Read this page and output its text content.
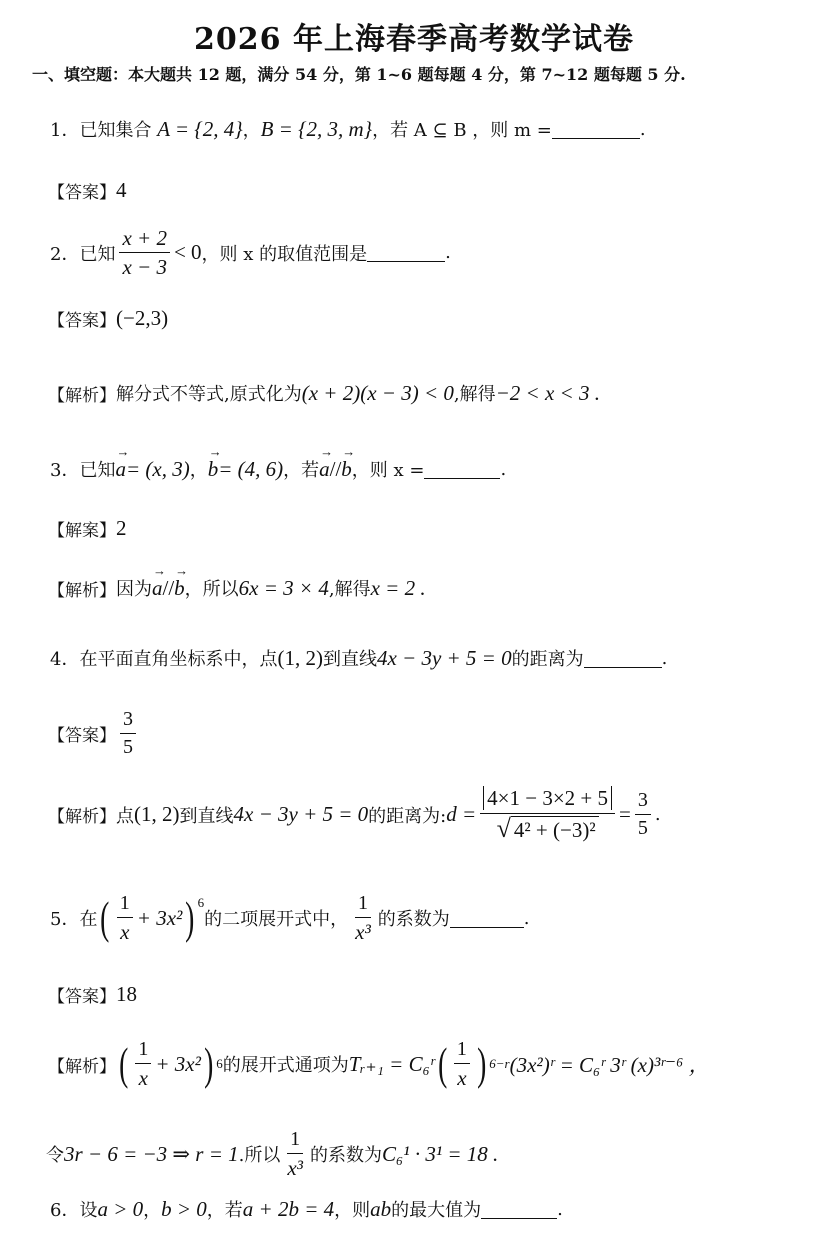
2026 年上海春季高考数学试卷
一、填空题：本大题共 12 题，满分 54 分，第 1~6 题每题 4 分，第 7~12 题每题 5 分.
1． 已知集合
A = {2, 4} ， B = {2, 3, m} ，若 A ⊆ B ，则 m =	.
【答案】 4
2． 已知 $\frac{x + 2}{x - 3} < 0$ ，则 x 的取值范围是	.
【答案】 (−2,3)
【解析】 解分式不等式,原式化为 (x + 2)(x − 3) < 0 ,解得 −2 < x < 3 .
3． 已知 → a = (x, 3) ， → b = (4, 6) ，若 → a // → b ，则 x =	.
【解案】 2
【解析】 因为 → a // → b ，所以 6x = 3 × 4 ,解得 x = 2 .
4． 在平面直角坐标系中，点 (1, 2) 到直线 4x − 3y + 5 = 0 的距离为	.
【答案】 $\frac{3}{5}$
【解析】 点 (1, 2) 到直线 4x − 3y + 5 = 0 的距离为: $d = \frac{4\times 1 - 3\times 2 + 5}{\text{√ 4² + (−3)²}} = \frac{3}{5}$ .
5． 在 ( $\frac{1}{x} + 3x^2$ ) 6
的二项展开式中， $\frac{1}{\text{x³}}$ 的系数为	.
【答案】 18
【解析】 ( $\frac{1}{x} + 3x^2$ ) 6 的展开式通项为 Tᵣ₊₁ = C₆ʳ ( $\frac{1}{x}$ ) 6−r (3x²)ʳ = C₆ʳ 3ʳ (x)³ʳ⁻⁶ ，
令 3r − 6 = −3 ⇒ r = 1 .所以 $\frac{1}{\text{x³}}$ 的系数为 C₆¹ · 3¹ = 18 .
6． 设 a > 0 ， b > 0 ，若 a + 2b = 4 ，则 ab 的最大值为	.
